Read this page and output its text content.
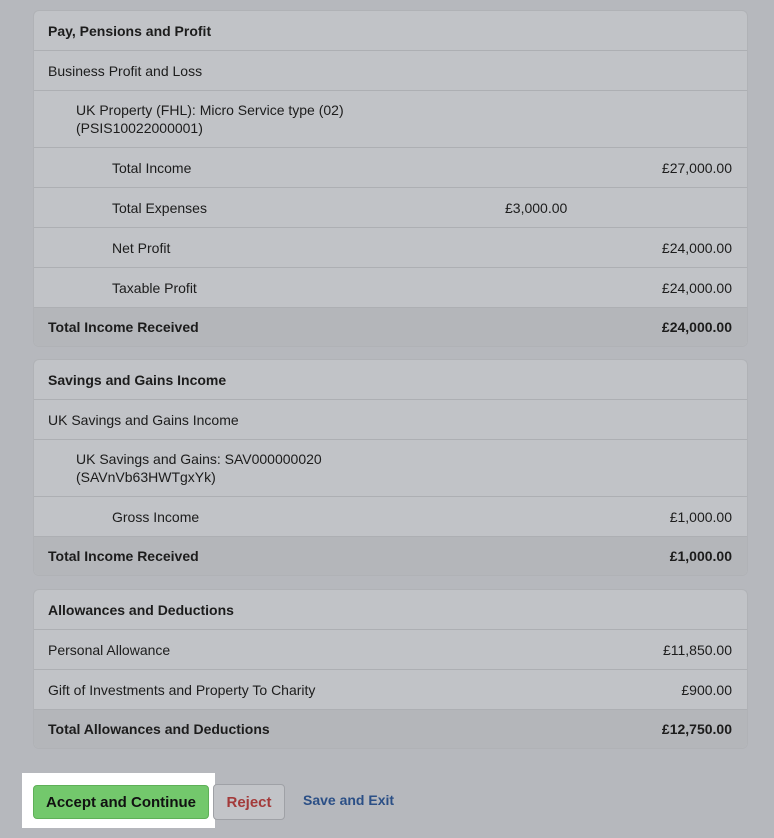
Pay, Pensions and Profit
Business Profit and Loss
UK Property (FHL): Micro Service type (02)
(PSIS10022000001)
Total Income	£27,000.00
Total Expenses	£3,000.00
Net Profit	£24,000.00
Taxable Profit	£24,000.00
Total Income Received	£24,000.00
Savings and Gains Income
UK Savings and Gains Income
UK Savings and Gains: SAV000000020
(SAVnVb63HWTgxYk)
Gross Income	£1,000.00
Total Income Received	£1,000.00
Allowances and Deductions
Personal Allowance	£11,850.00
Gift of Investments and Property To Charity	£900.00
Total Allowances and Deductions	£12,750.00
Accept and Continue	Reject	Save and Exit
